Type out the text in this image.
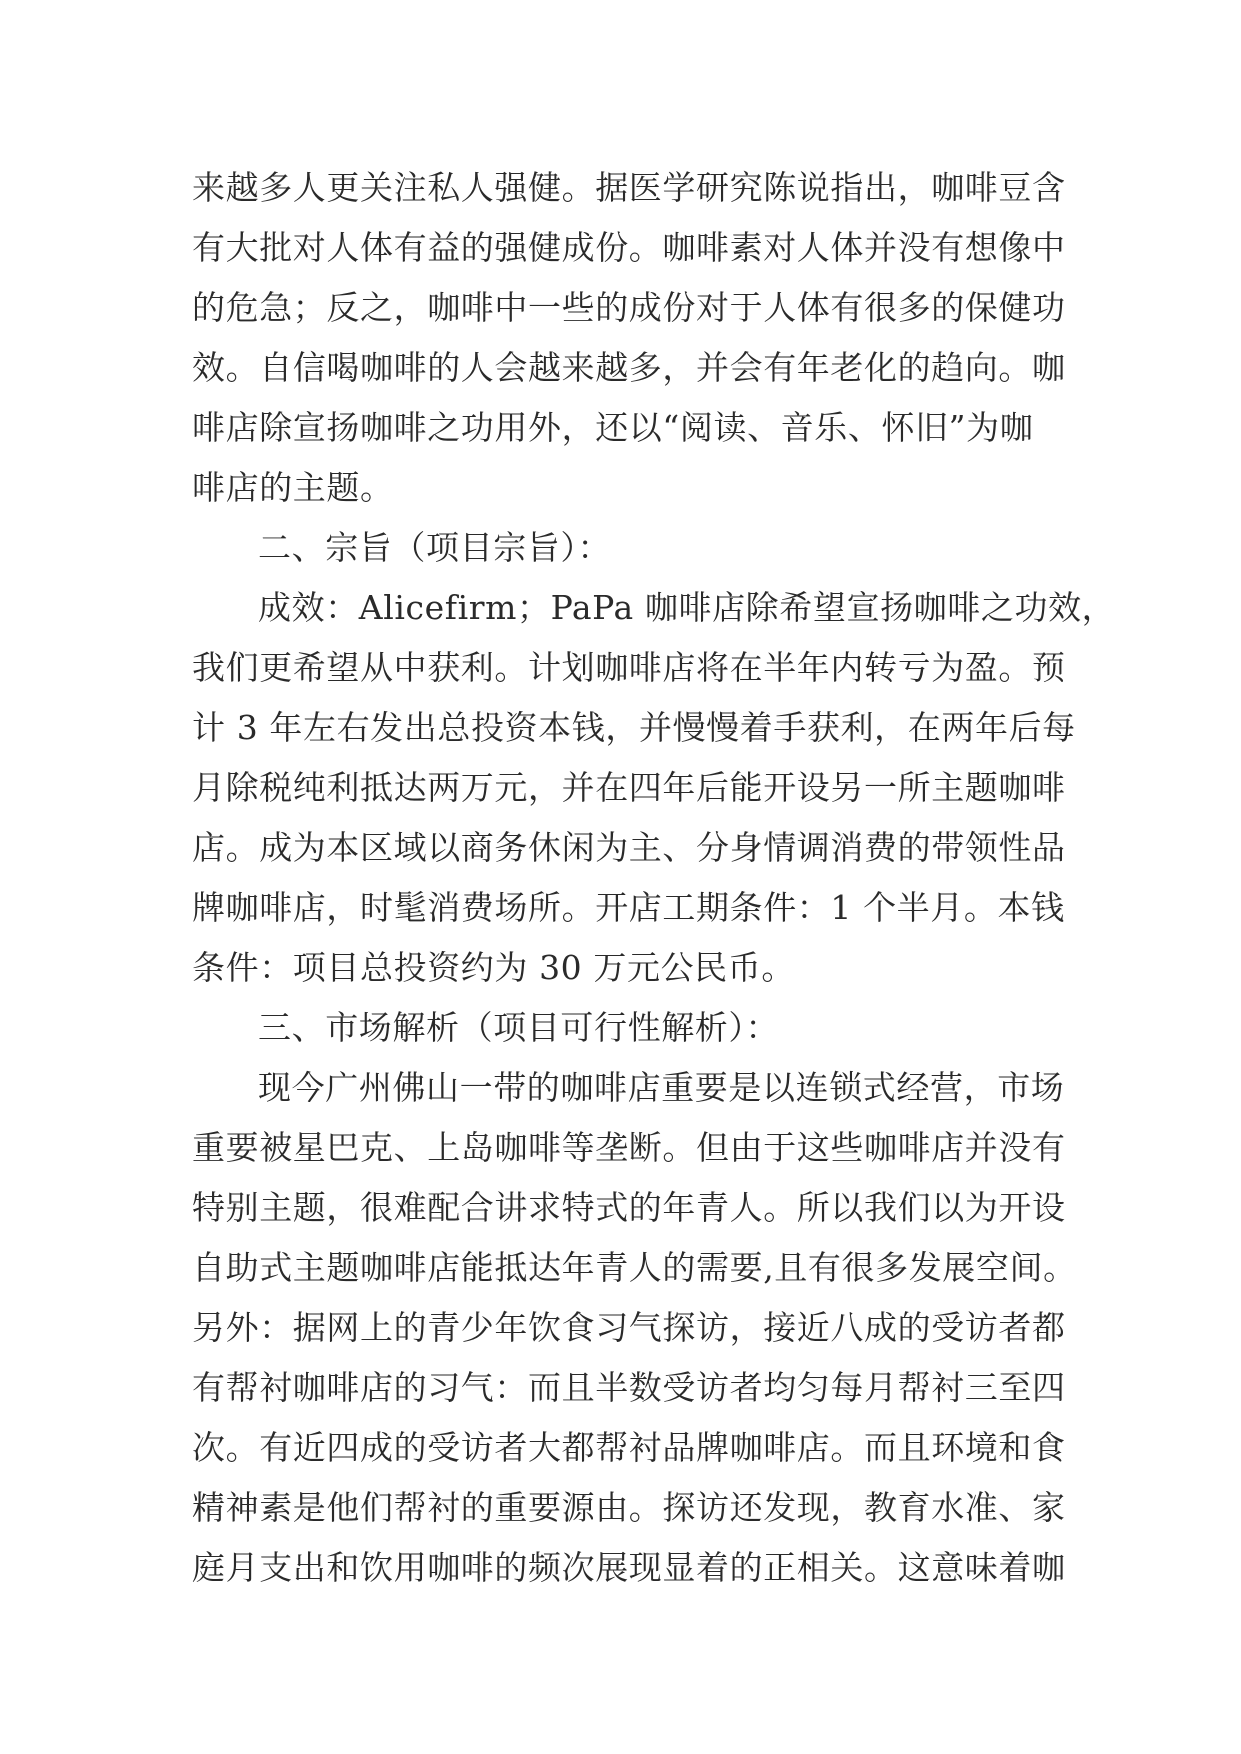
来越多人更关注私人强健。据医学研究陈说指出，咖啡豆含
有大批对人体有益的强健成份。咖啡素对人体并没有想像中
的危急；反之，咖啡中一些的成份对于人体有很多的保健功
效。自信喝咖啡的人会越来越多，并会有年老化的趋向。咖
啡店除宣扬咖啡之功用外，还以“阅读、音乐、怀旧”为咖
啡店的主题。
二、宗旨（项目宗旨）：
成效：Alicefirm；PaPa 咖啡店除希望宣扬咖啡之功效，
我们更希望从中获利。计划咖啡店将在半年内转亏为盈。预
计 3 年左右发出总投资本钱，并慢慢着手获利，在两年后每
月除税纯利抵达两万元，并在四年后能开设另一所主题咖啡
店。成为本区域以商务休闲为主、分身情调消费的带领性品
牌咖啡店，时髦消费场所。开店工期条件：1 个半月。本钱
条件：项目总投资约为 30 万元公民币。
三、市场解析（项目可行性解析）：
现今广州佛山一带的咖啡店重要是以连锁式经营，市场
重要被星巴克、上岛咖啡等垄断。但由于这些咖啡店并没有
特别主题，很难配合讲求特式的年青人。所以我们以为开设
自助式主题咖啡店能抵达年青人的需要,且有很多发展空间。
另外：据网上的青少年饮食习气探访，接近八成的受访者都
有帮衬咖啡店的习气：而且半数受访者均匀每月帮衬三至四
次。有近四成的受访者大都帮衬品牌咖啡店。而且环境和食
精神素是他们帮衬的重要源由。探访还发现，教育水准、家
庭月支出和饮用咖啡的频次展现显着的正相关。这意味着咖
